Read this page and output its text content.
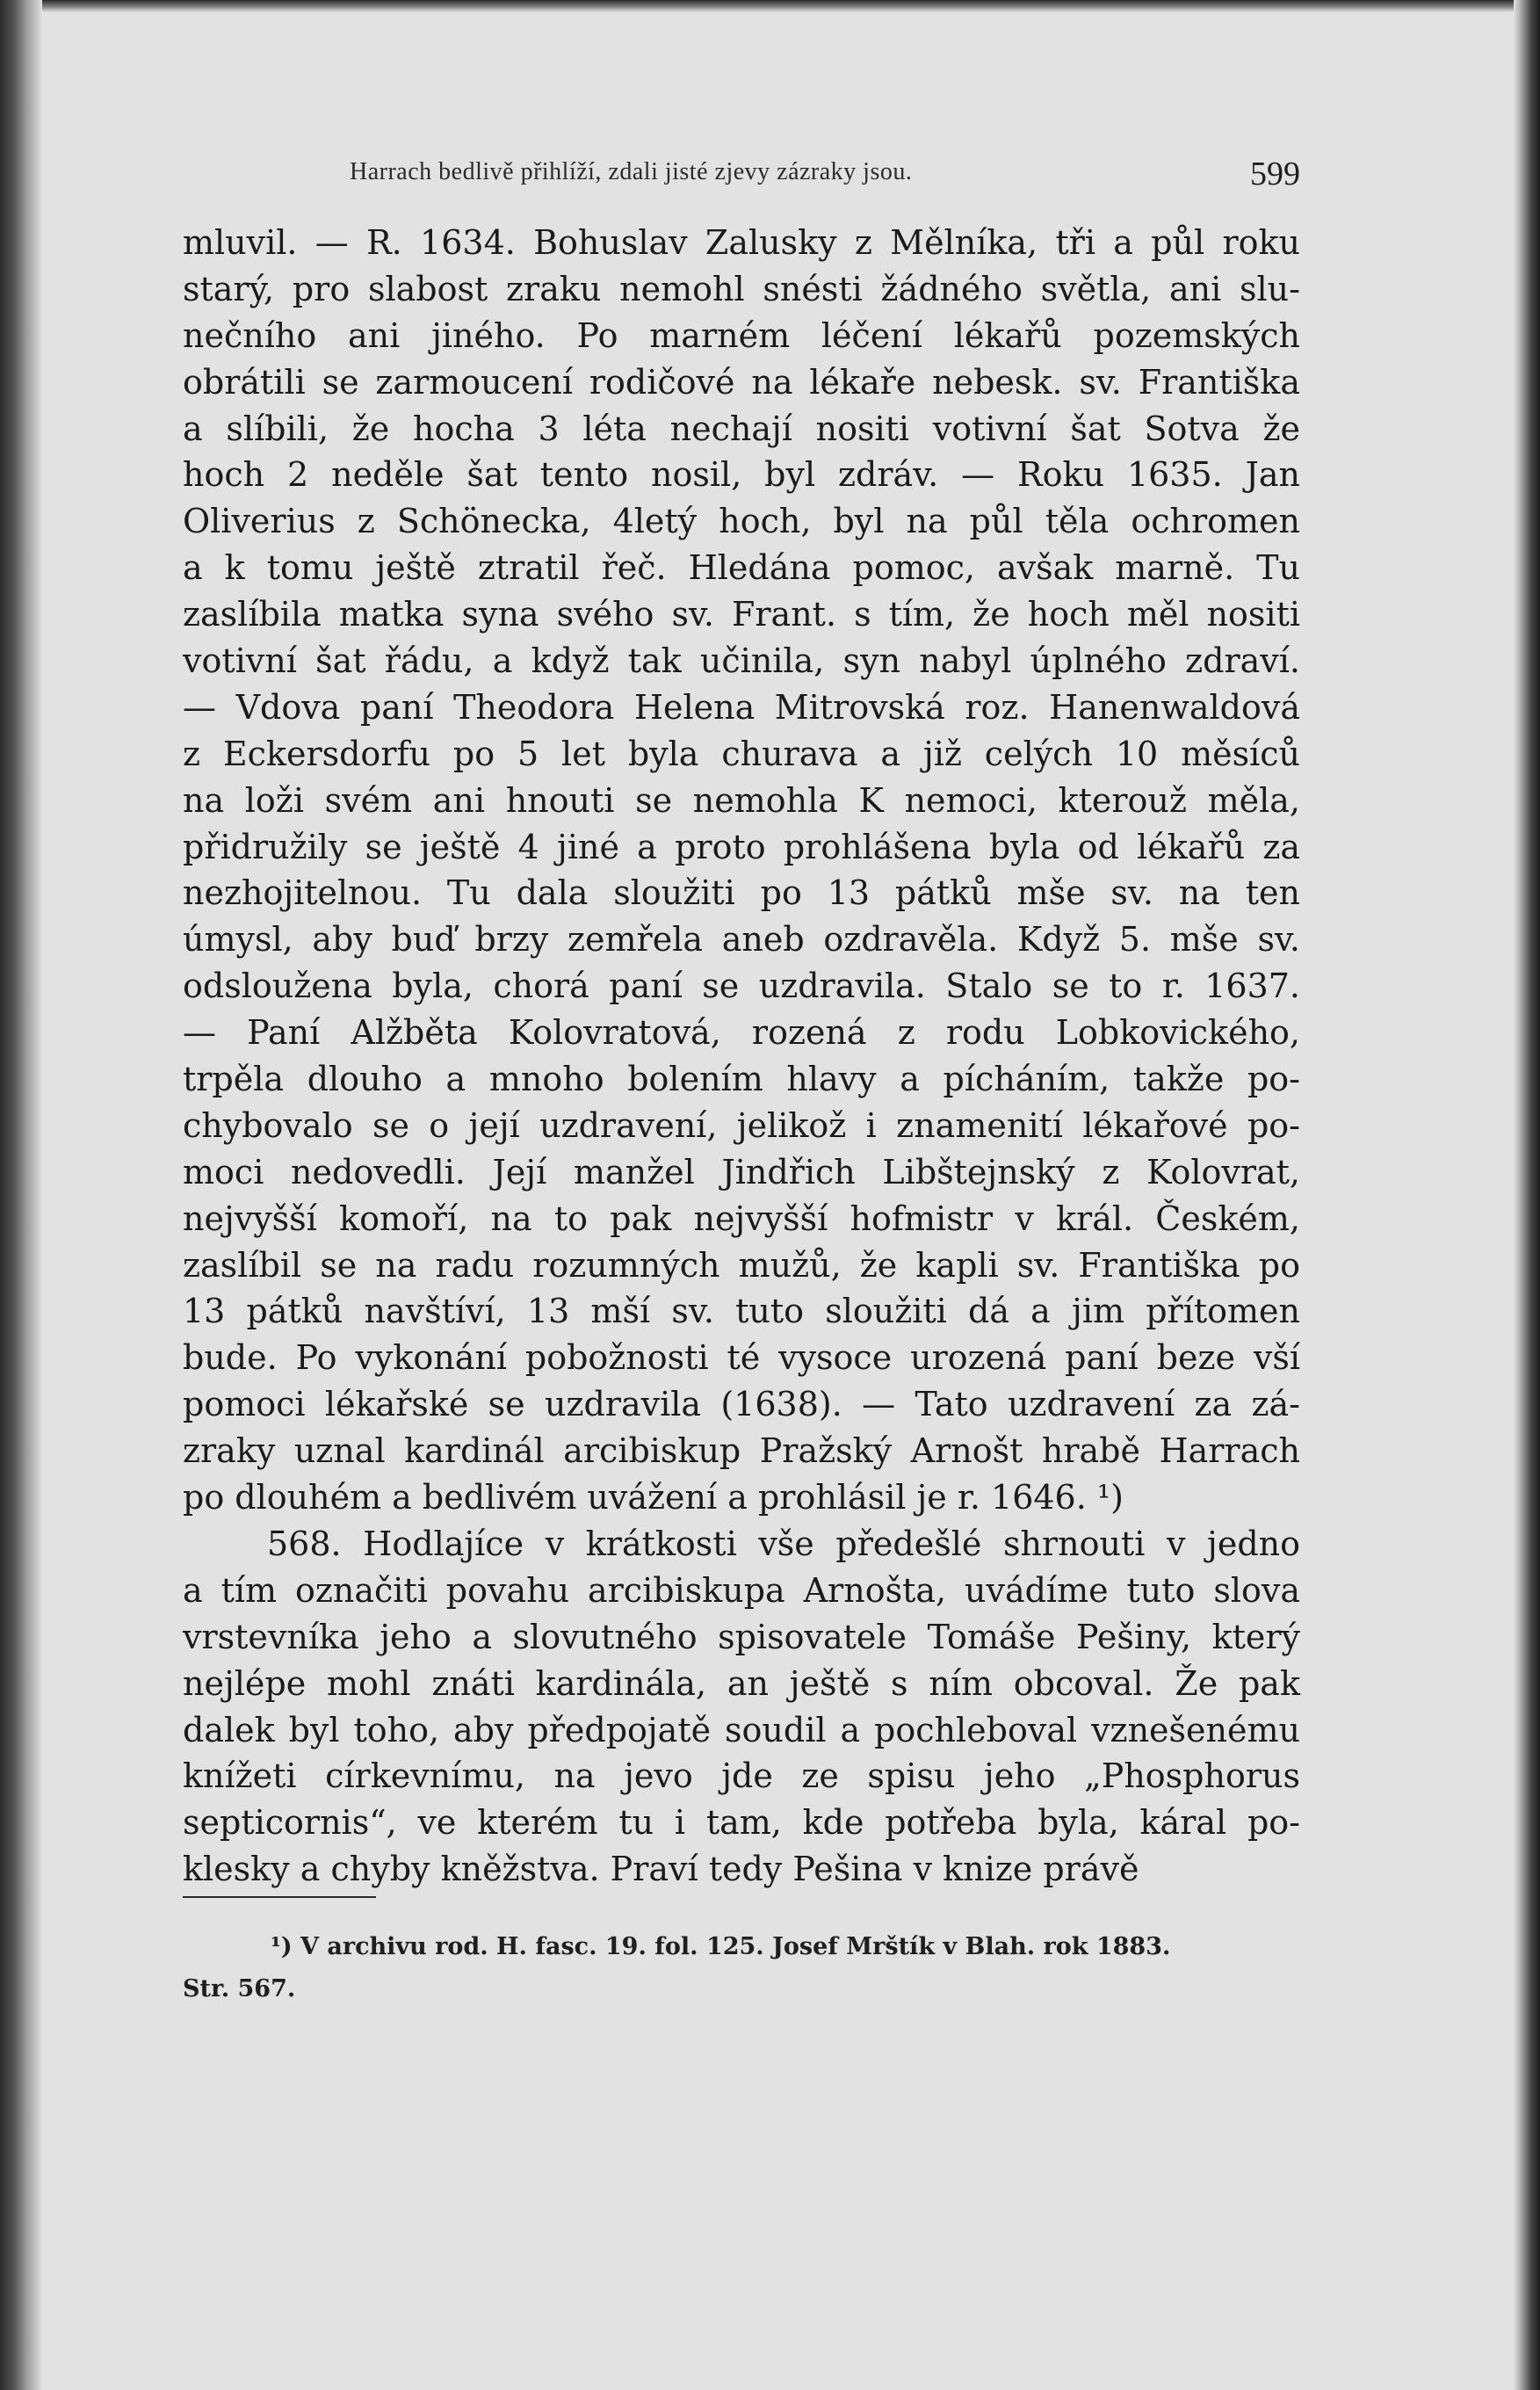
Harrach bedlivě přihlíží, zdali jisté zjevy zázraky jsou.	599
mluvil. — R. 1634. Bohuslav Zalusky z Mělníka, tři a půl roku
starý, pro slabost zraku nemohl snésti žádného světla, ani slu-
nečního ani jiného. Po marném léčení lékařů pozemských
obrátili se zarmoucení rodičové na lékaře nebesk. sv. Františka
a slíbili, že hocha 3 léta nechají nositi votivní šat Sotva že
hoch 2 neděle šat tento nosil, byl zdráv. — Roku 1635. Jan
Oliverius z Schönecka, 4letý hoch, byl na půl těla ochromen
a k tomu ještě ztratil řeč. Hledána pomoc, avšak marně. Tu
zaslíbila matka syna svého sv. Frant. s tím, že hoch měl nositi
votivní šat řádu, a když tak učinila, syn nabyl úplného zdraví.
— Vdova paní Theodora Helena Mitrovská roz. Hanenwaldová
z Eckersdorfu po 5 let byla churava a již celých 10 měsíců
na loži svém ani hnouti se nemohla K nemoci, kterouž měla,
přidružily se ještě 4 jiné a proto prohlášena byla od lékařů za
nezhojitelnou. Tu dala sloužiti po 13 pátků mše sv. na ten
úmysl, aby buď brzy zemřela aneb ozdravěla. Když 5. mše sv.
odsloužena byla, chorá paní se uzdravila. Stalo se to r. 1637.
— Paní Alžběta Kolovratová, rozená z rodu Lobkovického,
trpěla dlouho a mnoho bolením hlavy a pícháním, takže po-
chybovalo se o její uzdravení, jelikož i znamenití lékařové po-
moci nedovedli. Její manžel Jindřich Libštejnský z Kolovrat,
nejvyšší komoří, na to pak nejvyšší hofmistr v král. Českém,
zaslíbil se na radu rozumných mužů, že kapli sv. Františka po
13 pátků navštíví, 13 mší sv. tuto sloužiti dá a jim přítomen
bude. Po vykonání pobožnosti té vysoce urozená paní beze vší
pomoci lékařské se uzdravila (1638). — Tato uzdravení za zá-
zraky uznal kardinál arcibiskup Pražský Arnošt hrabě Harrach
po dlouhém a bedlivém uvážení a prohlásil je r. 1646. ¹)
568. Hodlajíce v krátkosti vše předešlé shrnouti v jedno
a tím označiti povahu arcibiskupa Arnošta, uvádíme tuto slova
vrstevníka jeho a slovutného spisovatele Tomáše Pešiny, který
nejlépe mohl znáti kardinála, an ještě s ním obcoval. Že pak
dalek byl toho, aby předpojatě soudil a pochleboval vznešenému
knížeti církevnímu, na jevo jde ze spisu jeho „Phosphorus
septicornis“, ve kterém tu i tam, kde potřeba byla, káral po-
klesky a chyby kněžstva. Praví tedy Pešina v knize právě
¹) V archivu rod. H. fasc. 19. fol. 125. Josef Mrštík v Blah. rok 1883.
Str. 567.
